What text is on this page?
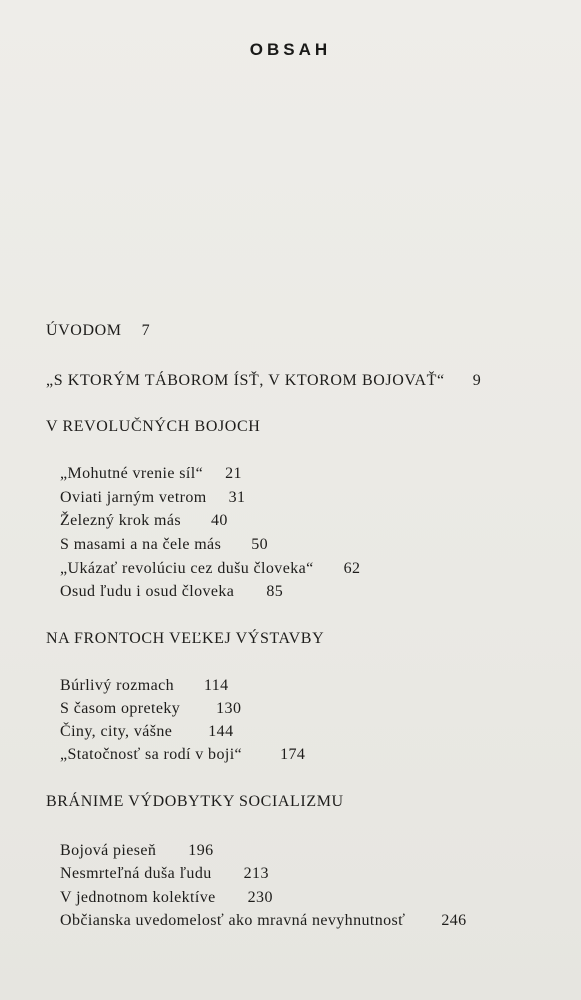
OBSAH
ÚVODOM 7
„S KTORÝM TÁBOROM ÍSŤ, V KTOROM BOJOVAŤ“ 9
V REVOLUČNÝCH BOJOCH
„Mohutné vrenie síl“ 21
Oviati jarným vetrom 31
Železný krok más 40
S masami a na čele más 50
„Ukázať revolúciu cez dušu človeka“ 62
Osud ľudu i osud človeka 85
NA FRONTOCH VEĽKEJ VÝSTAVBY
Búrlivý rozmach 114
S časom opreteky 130
Činy, city, vášne 144
„Statočnosť sa rodí v boji“ 174
BRÁNIME VÝDOBYTKY SOCIALIZMU
Bojová pieseň 196
Nesmrteľná duša ľudu 213
V jednotnom kolektíve 230
Občianska uvedomelosť ako mravná nevyhnutnosť 246
